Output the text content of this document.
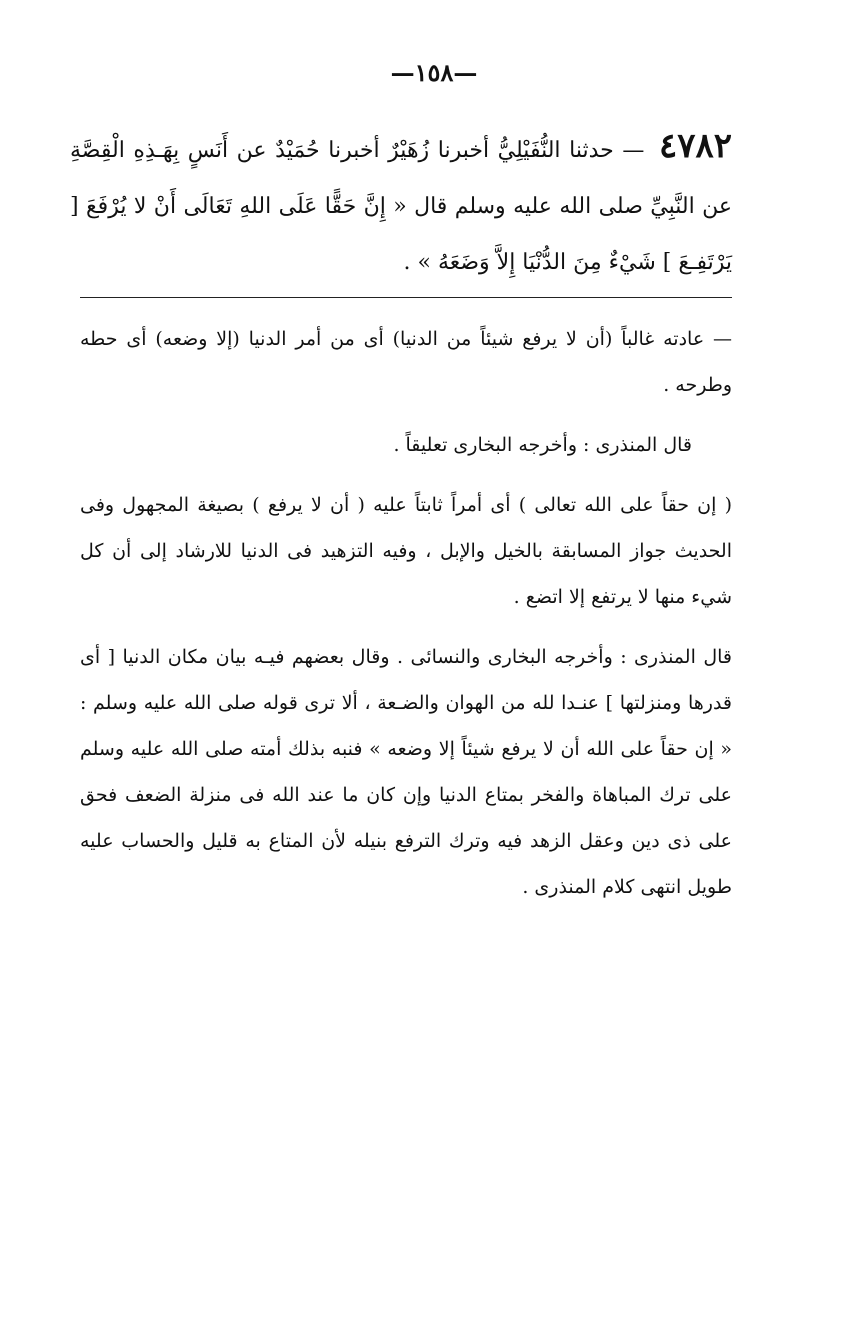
—١٥٨—
٤٧٨٢ — حدثنا النُّفَيْلِيُّ أخبرنا زُهَيْرٌ أخبرنا حُمَيْدٌ عن أَنَسٍ بِهَـذِهِ الْقِصَّةِ عن النَّبِيِّ صلى الله عليه وسلم قال « إِنَّ حَقًّا عَلَى اللهِ تَعَالَى أَنْ لا يُرْفَعَ [ يَرْتَفِـعَ ] شَيْءٌ مِنَ الدُّنْيَا إِلاَّ وَضَعَهُ » .

— عادته غالباً (أن لا يرفع شيئاً من الدنيا) أى من أمر الدنيا (إلا وضعه) أى حطه وطرحه .

قال المنذرى : وأخرجه البخارى تعليقاً .

( إن حقاً على الله تعالى ) أى أمراً ثابتاً عليه ( أن لا يرفع ) بصيغة المجهول وفى الحديث جواز المسابقة بالخيل والإبل ، وفيه التزهيد فى الدنيا للارشاد إلى أن كل شيء منها لا يرتفع إلا اتضع .

قال المنذرى : وأخرجه البخارى والنسائى . وقال بعضهم فيـه بيان مكان الدنيا [ أى قدرها ومنزلتها ] عنـدا لله من الهوان والضـعة ، ألا ترى قوله صلى الله عليه وسلم : « إن حقاً على الله أن لا يرفع شيئاً إلا وضعه » فنبه بذلك أمته صلى الله عليه وسلم على ترك المباهاة والفخر بمتاع الدنيا وإن كان ما عند الله فى منزلة الضعف فحق على ذى دين وعقل الزهد فيه وترك الترفع بنيله لأن المتاع به قليل والحساب عليه طويل انتهى كلام المنذرى .
